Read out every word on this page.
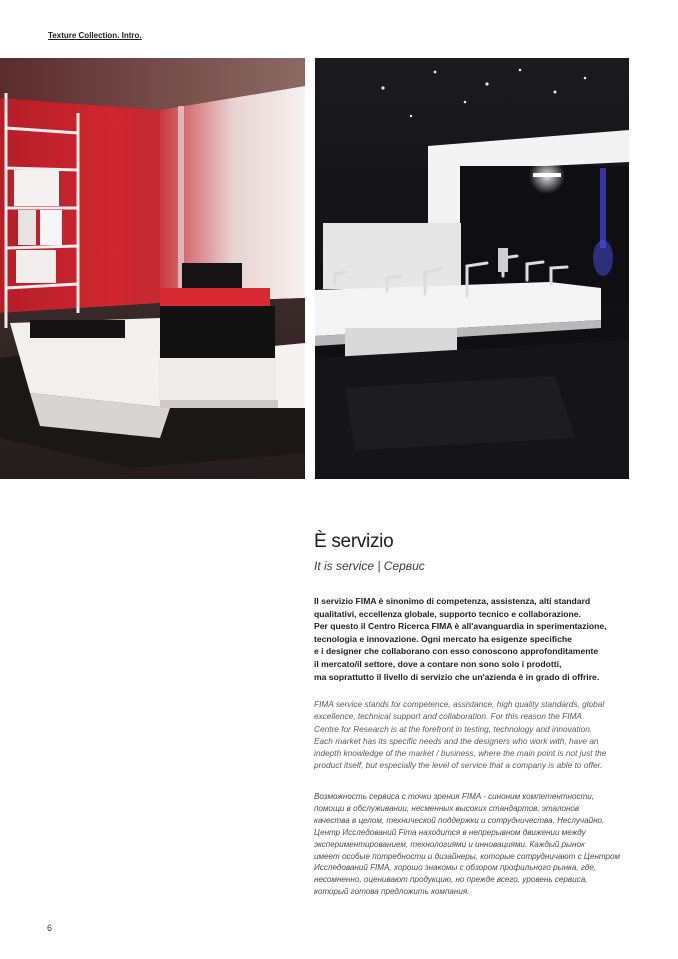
Texture Collection. Intro.
È servizio
It is service | Сервис
Il servizio FIMA è sinonimo di competenza, assistenza, alti standard
qualitativi, eccellenza globale, supporto tecnico e collaborazione.
Per questo il Centro Ricerca FIMA è all'avanguardia in sperimentazione,
tecnologia e innovazione. Ogni mercato ha esigenze specifiche
e i designer che collaborano con esso conoscono approfonditamente
il mercato/il settore, dove a contare non sono solo i prodotti,
ma soprattutto il livello di servizio che un'azienda è in grado di offrire.
FIMA service stands for competence, assistance, high quality standards, global
excellence, technical support and collaboration. For this reason the FIMA
Centre for Research is at the forefront in testing, technology and innovation.
Each market has its specific needs and the designers who work with, have an
indepth knowledge of the market / business, where the main point is not just the
product itself, but especially the level of service that a company is able to offer.
Возможность сервиса с точки зрения FIMA - синоним компетентности,
помощи в обслуживании, несменных высоких стандартов, эталонов
качества в целом, технической поддержки и сотрудничества. Неслучайно,
Центр Исследований Fima находится в непрерывном движении между
экспериментированием, технологиями и инновациями. Каждый рынок
имеет особые потребности и дизайнеры, которые сотрудничают с Центром
Исследований FIMA, хорошо знакомы с обзором профильного рынка, где,
несомненно, оценивают продукцию, но прежде всего, уровень сервиса,
который готова предложить компания.
6
